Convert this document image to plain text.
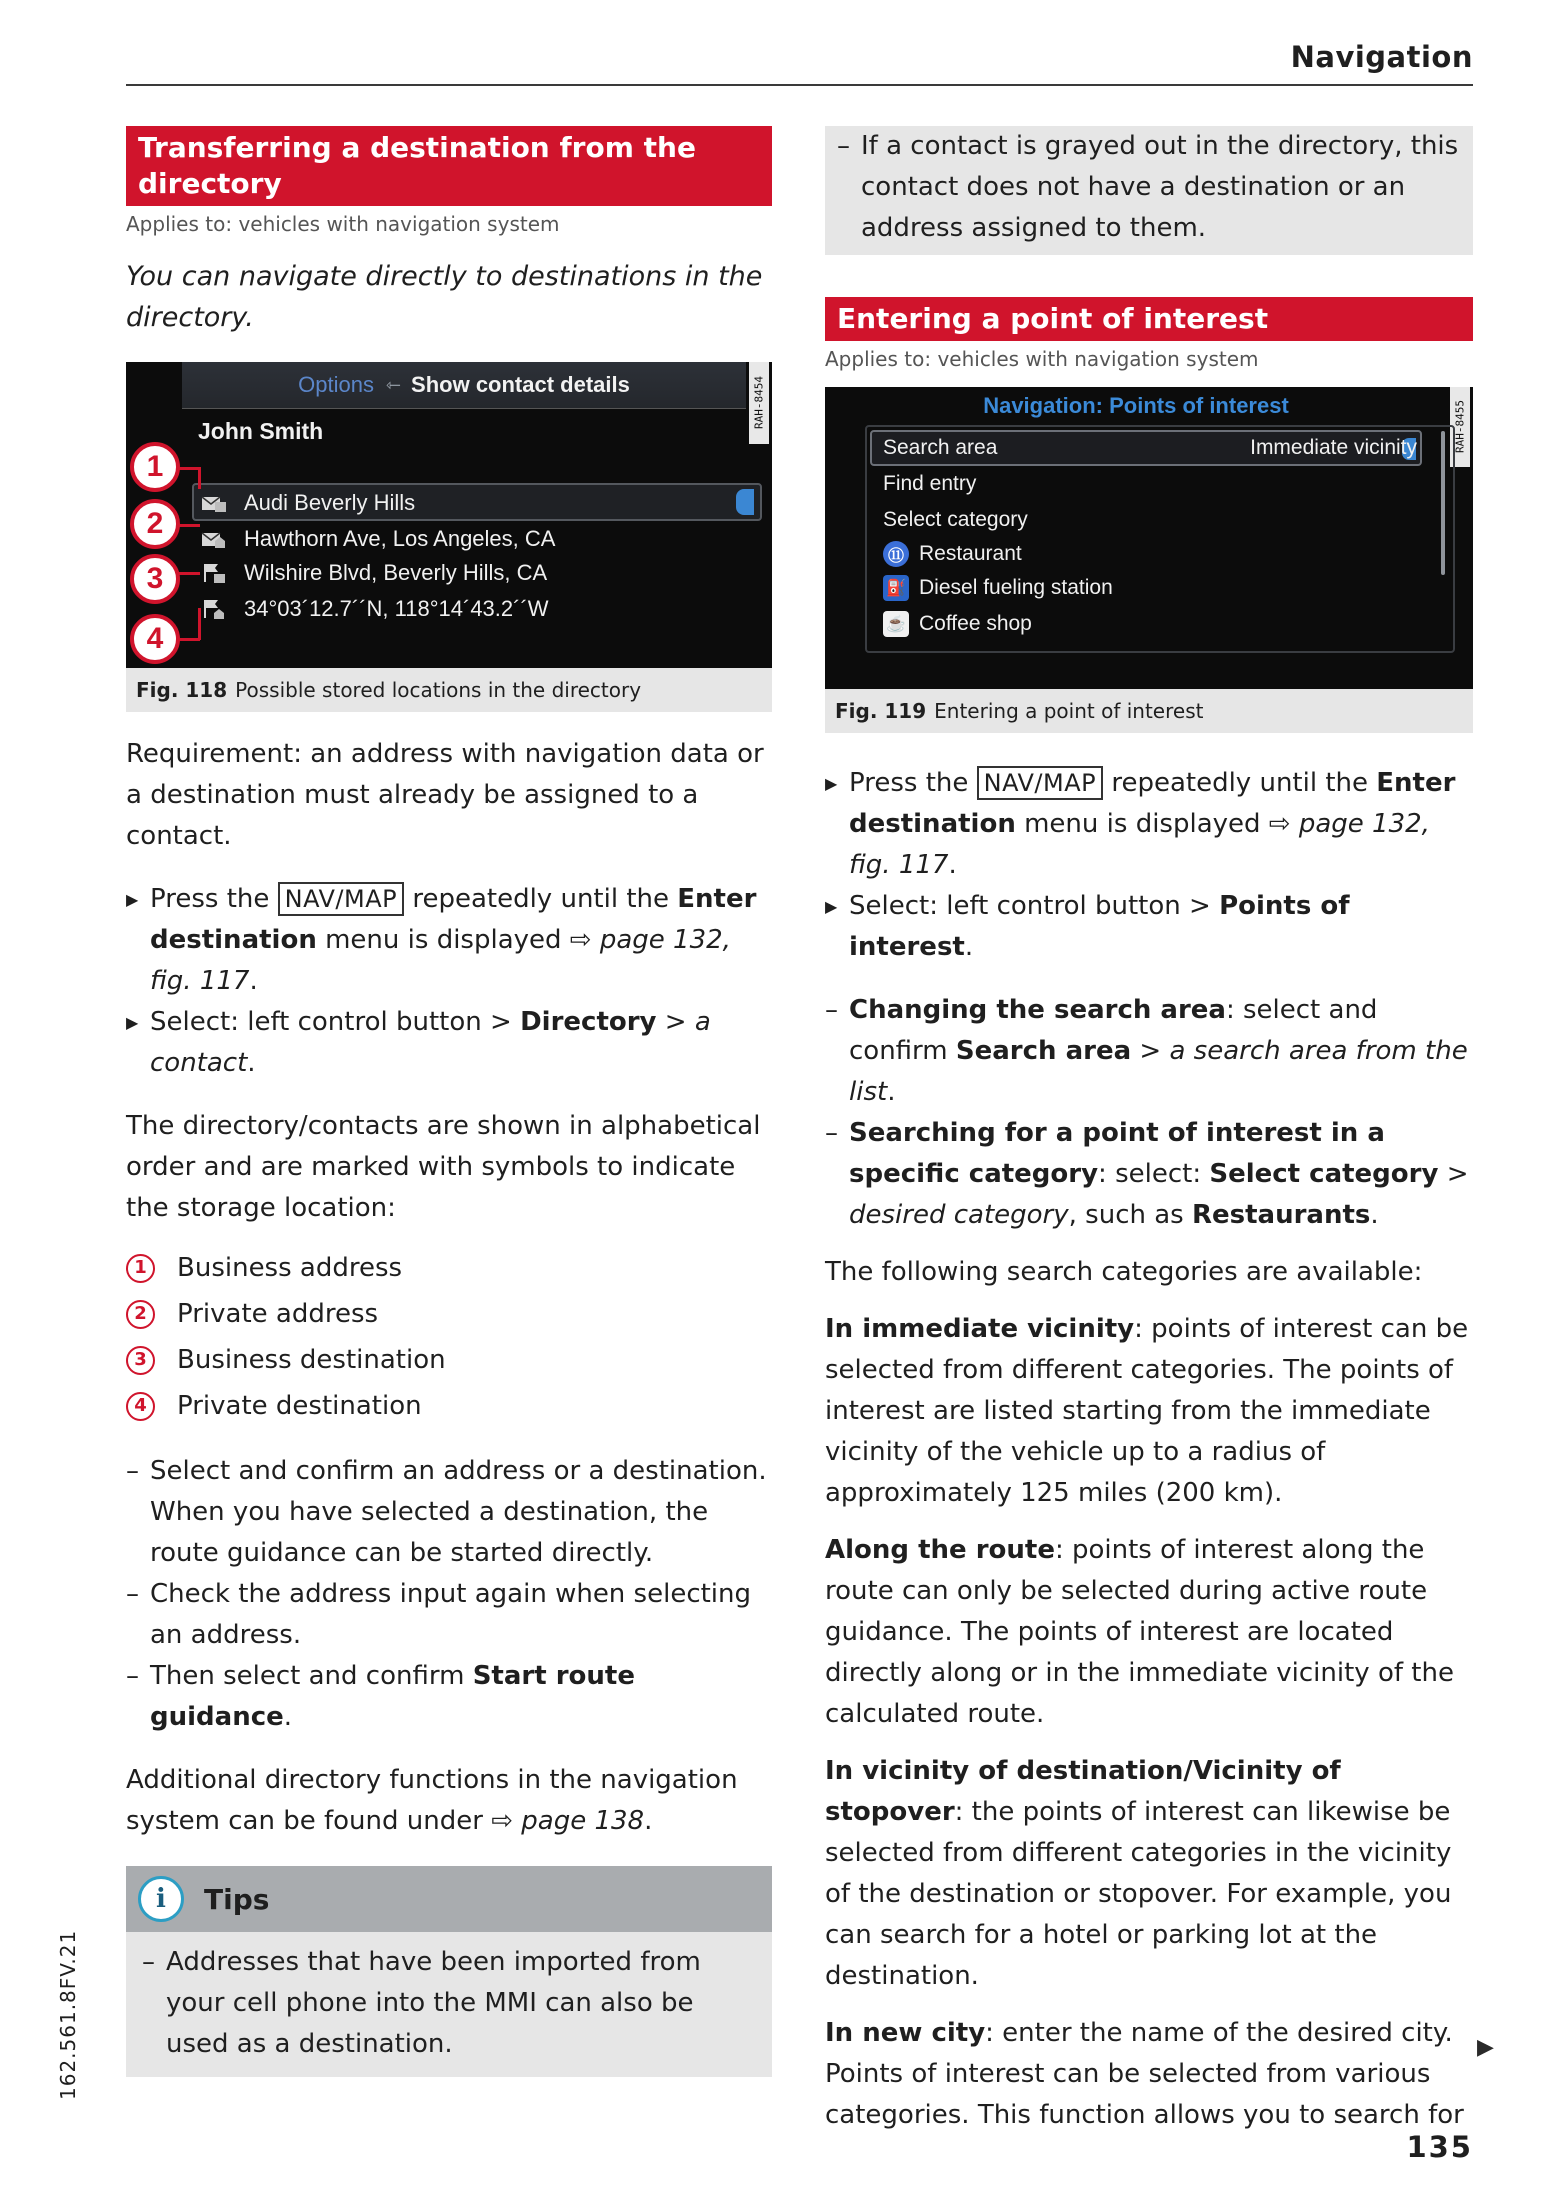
Navigation
Transferring a destination from the directory
Applies to: vehicles with navigation system
You can navigate directly to destinations in the directory.
Options ⇽ Show contact details	RAH-8454
John Smith
Audi Beverly Hills
Hawthorn Ave, Los Angeles, CA
Wilshire Blvd, Beverly Hills, CA
34°03´12.7´´N, 118°14´43.2´´W
1
2
3
4
Fig. 118 Possible stored locations in the directory

Requirement: an address with navigation data or a destination must already be assigned to a contact.

▶ Press the NAV/MAP repeatedly until the Enter destination menu is displayed ⇨ page 132, fig. 117.
▶ Select: left control button > Directory > a contact.

The directory/contacts are shown in alphabetical order and are marked with symbols to indicate the storage location:

1	Business address
2	Private address
3	Business destination
4	Private destination
– Select and confirm an address or a destination. When you have selected a destination, the route guidance can be started directly.
– Check the address input again when selecting an address.
– Then select and confirm Start route guidance.

Additional directory functions in the navigation system can be found under ⇨ page 138.

i	Tips
– Addresses that have been imported from your cell phone into the MMI can also be used as a destination.
– If a contact is grayed out in the directory, this contact does not have a destination or an address assigned to them.
Entering a point of interest
Applies to: vehicles with navigation system
Navigation: Points of interest	RAH-8455
Search area	Immediate vicinity
Find entry
Select category
⑪ Restaurant
⛽ Diesel fueling station
☕ Coffee shop
Fig. 119 Entering a point of interest
▶ Press the NAV/MAP repeatedly until the Enter destination menu is displayed ⇨ page 132, fig. 117.
▶ Select: left control button > Points of interest.
– Changing the search area: select and confirm Search area > a search area from the list.
– Searching for a point of interest in a specific category: select: Select category > desired category, such as Restaurants.

The following search categories are available:

In immediate vicinity: points of interest can be selected from different categories. The points of interest are listed starting from the immediate vicinity of the vehicle up to a radius of approximately 125 miles (200 km).

Along the route: points of interest along the route can only be selected during active route guidance. The points of interest are located directly along or in the immediate vicinity of the calculated route.

In vicinity of destination/Vicinity of stopover: the points of interest can likewise be selected from different categories in the vicinity of the destination or stopover. For example, you can search for a hotel or parking lot at the destination.

In new city: enter the name of the desired city. Points of interest can be selected from various categories. This function allows you to search for

▶
162.561.8FV.21
135
